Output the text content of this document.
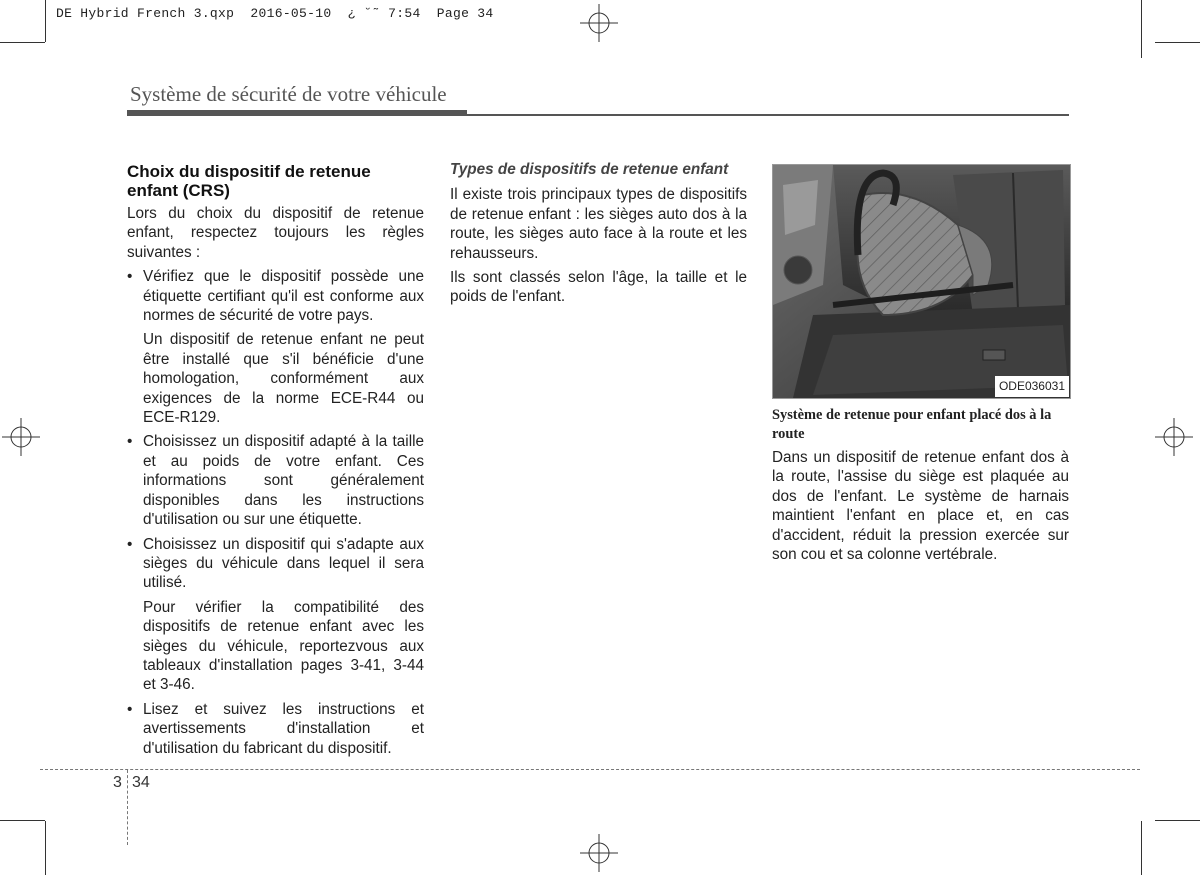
DE Hybrid French 3.qxp  2016-05-10  ¿ ˘˜ 7:54  Page 34
Système de sécurité de votre véhicule
Choix du dispositif de retenue enfant (CRS)

Lors du choix du dispositif de retenue enfant, respectez toujours les règles suivantes :

• Vérifiez que le dispositif possède une étiquette certifiant qu'il est conforme aux normes de sécurité de votre pays.

Un dispositif de retenue enfant ne peut être installé que s'il bénéficie d'une homologation, conformément aux exigences de la norme ECE-R44 ou ECE-R129.

• Choisissez un dispositif adapté à la taille et au poids de votre enfant. Ces informations sont généralement disponibles dans les instructions d'utilisation ou sur une étiquette.

• Choisissez un dispositif qui s'adapte aux sièges du véhicule dans lequel il sera utilisé.

Pour vérifier la compatibilité des dispositifs de retenue enfant avec les sièges du véhicule, reportezvous aux tableaux d'installation pages 3-41, 3-44 et 3-46.

• Lisez et suivez les instructions et avertissements d'installation et d'utilisation du fabricant du dispositif.

Types de dispositifs de retenue enfant

Il existe trois principaux types de dispositifs de retenue enfant : les sièges auto dos à la route, les sièges auto face à la route et les rehausseurs.

Ils sont classés selon l'âge, la taille et le poids de l'enfant.

ODE036031
Système de retenue pour enfant placé dos à la route

Dans un dispositif de retenue enfant dos à la route, l'assise du siège est plaquée au dos de l'enfant. Le système de harnais maintient l'enfant en place et, en cas d'accident, réduit la pression exercée sur son cou et sa colonne vertébrale.

3 34
